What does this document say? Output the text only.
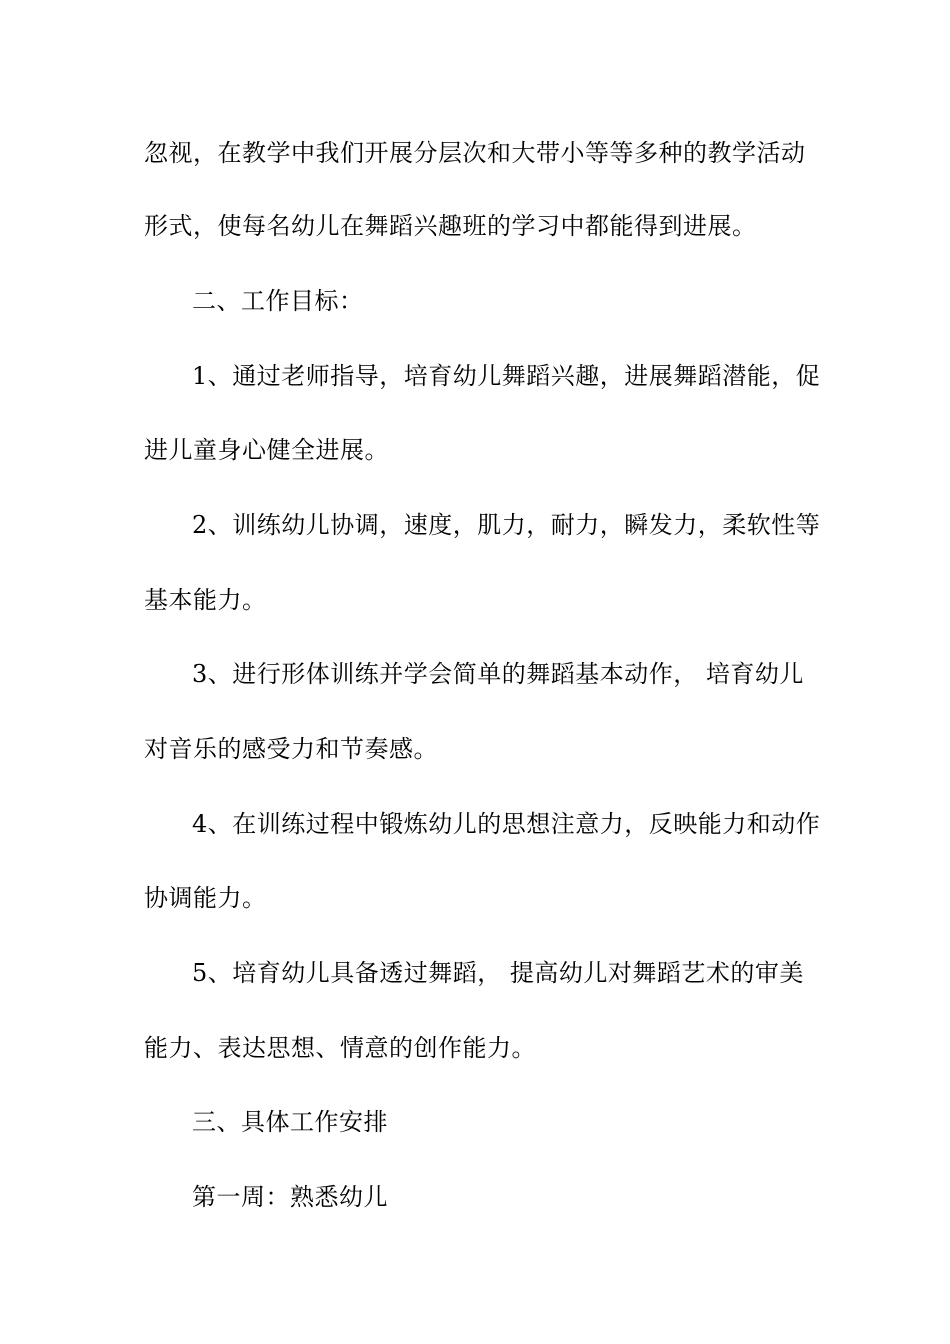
忽视，在教学中我们开展分层次和大带小等等多种的教学活动
形式，使每名幼儿在舞蹈兴趣班的学习中都能得到进展。
二、工作目标：
1、通过老师指导，培育幼儿舞蹈兴趣，进展舞蹈潜能，促
进儿童身心健全进展。
2、训练幼儿协调，速度，肌力，耐力，瞬发力，柔软性等
基本能力。
3、进行形体训练并学会简单的舞蹈基本动作， 培育幼儿
对音乐的感受力和节奏感。
4、在训练过程中锻炼幼儿的思想注意力，反映能力和动作
协调能力。
5、培育幼儿具备透过舞蹈， 提高幼儿对舞蹈艺术的审美
能力、表达思想、情意的创作能力。
三、具体工作安排
第一周：熟悉幼儿
